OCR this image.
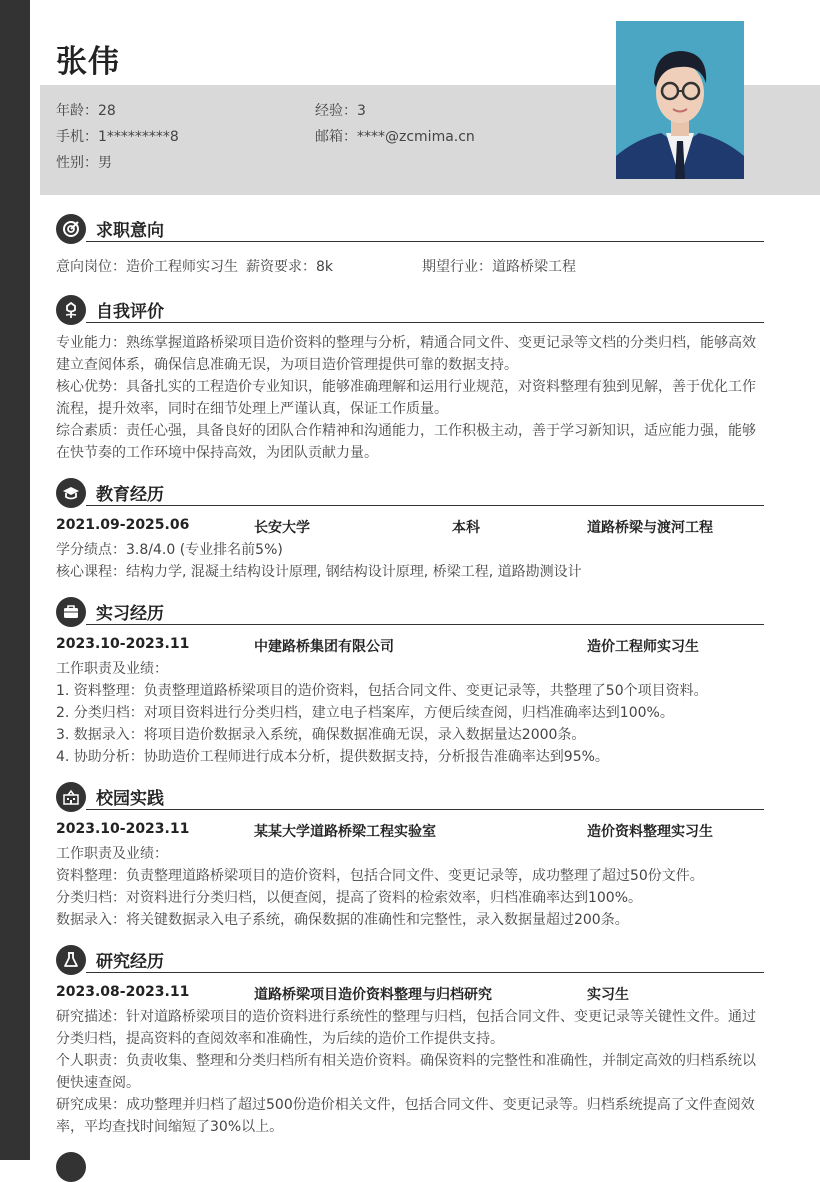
张伟
年龄：28	经验：3
手机：1*********8	邮箱：****@zcmima.cn
性别：男
求职意向
意向岗位：造价工程师实习生 薪资要求：8k	期望行业：道路桥梁工程
自我评价
专业能力：熟练掌握道路桥梁项目造价资料的整理与分析，精通合同文件、变更记录等文档的分类归档，能够高效建立查阅体系，确保信息准确无误，为项目造价管理提供可靠的数据支持。
核心优势：具备扎实的工程造价专业知识，能够准确理解和运用行业规范，对资料整理有独到见解，善于优化工作流程，提升效率，同时在细节处理上严谨认真，保证工作质量。
综合素质：责任心强，具备良好的团队合作精神和沟通能力，工作积极主动，善于学习新知识，适应能力强，能够在快节奏的工作环境中保持高效，为团队贡献力量。
教育经历
2021.09-2025.06	长安大学	本科	道路桥梁与渡河工程
学分绩点：3.8/4.0 (专业排名前5%)
核心课程：结构力学, 混凝土结构设计原理, 钢结构设计原理, 桥梁工程, 道路勘测设计
实习经历
2023.10-2023.11	中建路桥集团有限公司	造价工程师实习生
工作职责及业绩：
1. 资料整理：负责整理道路桥梁项目的造价资料，包括合同文件、变更记录等，共整理了50个项目资料。
2. 分类归档：对项目资料进行分类归档，建立电子档案库，方便后续查阅，归档准确率达到100%。
3. 数据录入：将项目造价数据录入系统，确保数据准确无误，录入数据量达2000条。
4. 协助分析：协助造价工程师进行成本分析，提供数据支持，分析报告准确率达到95%。
校园实践
2023.10-2023.11	某某大学道路桥梁工程实验室	造价资料整理实习生
工作职责及业绩：
资料整理：负责整理道路桥梁项目的造价资料，包括合同文件、变更记录等，成功整理了超过50份文件。
分类归档：对资料进行分类归档，以便查阅，提高了资料的检索效率，归档准确率达到100%。
数据录入：将关键数据录入电子系统，确保数据的准确性和完整性，录入数据量超过200条。
研究经历
2023.08-2023.11	道路桥梁项目造价资料整理与归档研究	实习生
研究描述：针对道路桥梁项目的造价资料进行系统性的整理与归档，包括合同文件、变更记录等关键性文件。通过分类归档，提高资料的查阅效率和准确性，为后续的造价工作提供支持。
个人职责：负责收集、整理和分类归档所有相关造价资料。确保资料的完整性和准确性，并制定高效的归档系统以便快速查阅。
研究成果：成功整理并归档了超过500份造价相关文件，包括合同文件、变更记录等。归档系统提高了文件查阅效率，平均查找时间缩短了30%以上。
